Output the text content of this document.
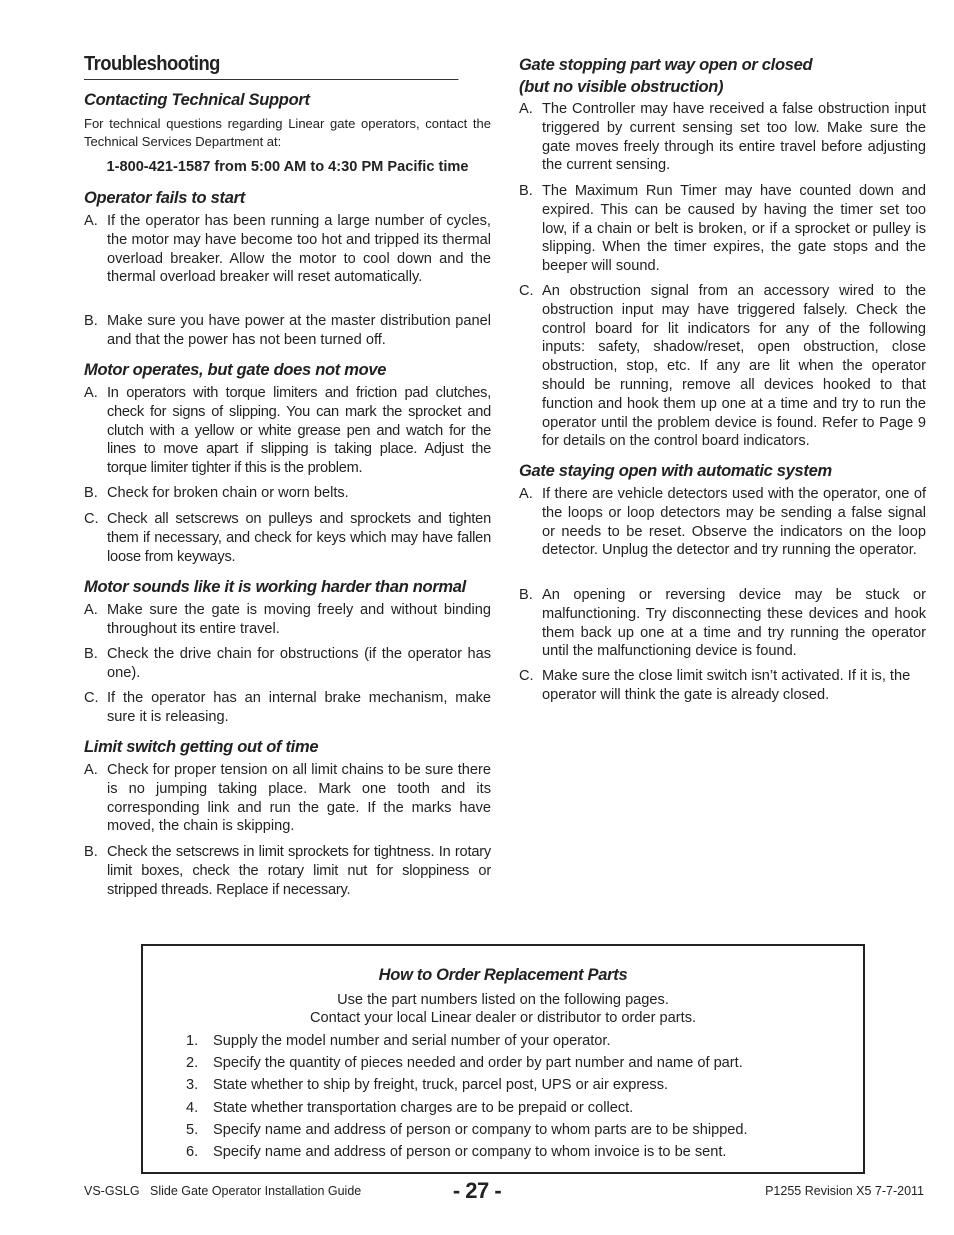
Troubleshooting
Contacting Technical Support
For technical questions regarding Linear gate operators, contact the Technical Services Department at:
1-800-421-1587 from 5:00 AM to 4:30 PM Pacific time
Operator fails to start
A. If the operator has been running a large number of cycles, the motor may have become too hot and tripped its thermal overload breaker. Allow the motor to cool down and the thermal overload breaker will reset automatically.
B. Make sure you have power at the master distribution panel and that the power has not been turned off.
Motor operates, but gate does not move
A. In operators with torque limiters and friction pad clutches, check for signs of slipping. You can mark the sprocket and clutch with a yellow or white grease pen and watch for the lines to move apart if slipping is taking place. Adjust the torque limiter tighter if this is the problem.
B. Check for broken chain or worn belts.
C. Check all setscrews on pulleys and sprockets and tighten them if necessary, and check for keys which may have fallen loose from keyways.
Motor sounds like it is working harder than normal
A. Make sure the gate is moving freely and without binding throughout its entire travel.
B. Check the drive chain for obstructions (if the operator has one).
C. If the operator has an internal brake mechanism, make sure it is releasing.
Limit switch getting out of time
A. Check for proper tension on all limit chains to be sure there is no jumping taking place. Mark one tooth and its corresponding link and run the gate. If the marks have moved, the chain is skipping.
B. Check the setscrews in limit sprockets for tightness. In rotary limit boxes, check the rotary limit nut for sloppiness or stripped threads. Replace if necessary.
Gate stopping part way open or closed
(but no visible obstruction)
A. The Controller may have received a false obstruction input triggered by current sensing set too low. Make sure the gate moves freely through its entire travel before adjusting the current sensing.
B. The Maximum Run Timer may have counted down and expired. This can be caused by having the timer set too low, if a chain or belt is broken, or if a sprocket or pulley is slipping. When the timer expires, the gate stops and the beeper will sound.
C. An obstruction signal from an accessory wired to the obstruction input may have triggered falsely. Check the control board for lit indicators for any of the following inputs: safety, shadow/reset, open obstruction, close obstruction, stop, etc. If any are lit when the operator should be running, remove all devices hooked to that function and hook them up one at a time and try to run the operator until the problem device is found. Refer to Page 9 for details on the control board indicators.
Gate staying open with automatic system
A. If there are vehicle detectors used with the operator, one of the loops or loop detectors may be sending a false signal or needs to be reset. Observe the indicators on the loop detector. Unplug the detector and try running the operator.
B. An opening or reversing device may be stuck or malfunctioning. Try disconnecting these devices and hook them back up one at a time and try running the operator until the malfunctioning device is found.
C. Make sure the close limit switch isn’t activated. If it is, the operator will think the gate is already closed.
How to Order Replacement Parts
Use the part numbers listed on the following pages.
Contact your local Linear dealer or distributor to order parts.
1. Supply the model number and serial number of your operator.
2. Specify the quantity of pieces needed and order by part number and name of part.
3. State whether to ship by freight, truck, parcel post, UPS or air express.
4. State whether transportation charges are to be prepaid or collect.
5. Specify name and address of person or company to whom parts are to be shipped.
6. Specify name and address of person or company to whom invoice is to be sent.
VS-GSLG   Slide Gate Operator Installation Guide	- 27 -	P1255 Revision X5 7-7-2011
